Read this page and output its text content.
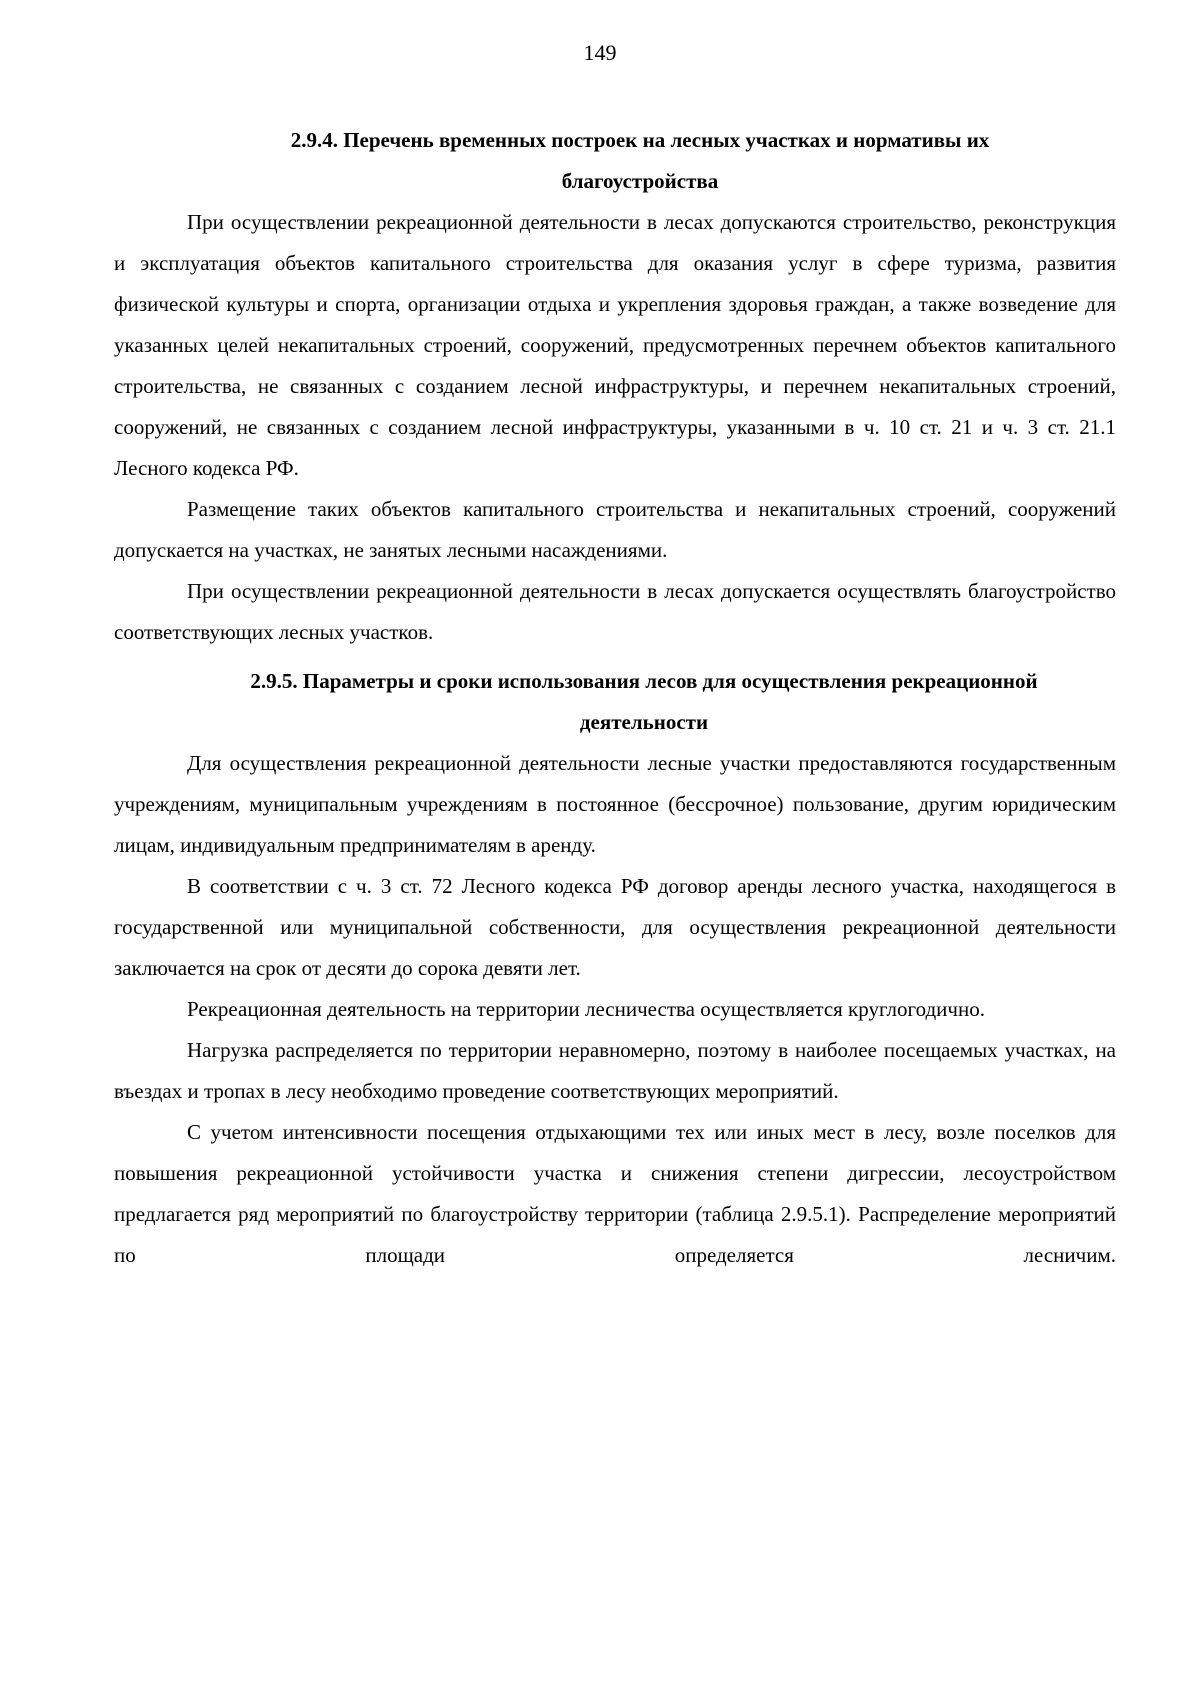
149
2.9.4. Перечень временных построек на лесных участках и нормативы их
благоустройства

При осуществлении рекреационной деятельности в лесах допускаются строительство, реконструкция и эксплуатация объектов капитального строительства для оказания услуг в сфере туризма, развития физической культуры и спорта, организации отдыха и укрепления здоровья граждан, а также возведение для указанных целей некапитальных строений, сооружений, предусмотренных перечнем объектов капитального строительства, не связанных с созданием лесной инфраструктуры, и перечнем некапитальных строений, сооружений, не связанных с созданием лесной инфраструктуры, указанными в ч. 10 ст. 21 и ч. 3 ст. 21.1 Лесного кодекса РФ.

Размещение таких объектов капитального строительства и некапитальных строений, сооружений допускается на участках, не занятых лесными насаждениями.

При осуществлении рекреационной деятельности в лесах допускается осуществлять благоустройство соответствующих лесных участков.

2.9.5. Параметры и сроки использования лесов для осуществления рекреационной
деятельности

Для осуществления рекреационной деятельности лесные участки предоставляются государственным учреждениям, муниципальным учреждениям в постоянное (бессрочное) пользование, другим юридическим лицам, индивидуальным предпринимателям в аренду.

В соответствии с ч. 3 ст. 72 Лесного кодекса РФ договор аренды лесного участка, находящегося в государственной или муниципальной собственности, для осуществления рекреационной деятельности заключается на срок от десяти до сорока девяти лет.

Рекреационная деятельность на территории лесничества осуществляется круглогодично.

Нагрузка распределяется по территории неравномерно, поэтому в наиболее посещаемых участках, на въездах и тропах в лесу необходимо проведение соответствующих мероприятий.

С учетом интенсивности посещения отдыхающими тех или иных мест в лесу, возле поселков для повышения рекреационной устойчивости участка и снижения степени дигрессии, лесоустройством предлагается ряд мероприятий по благоустройству территории (таблица 2.9.5.1). Распределение мероприятий по площади определяется лесничим.
